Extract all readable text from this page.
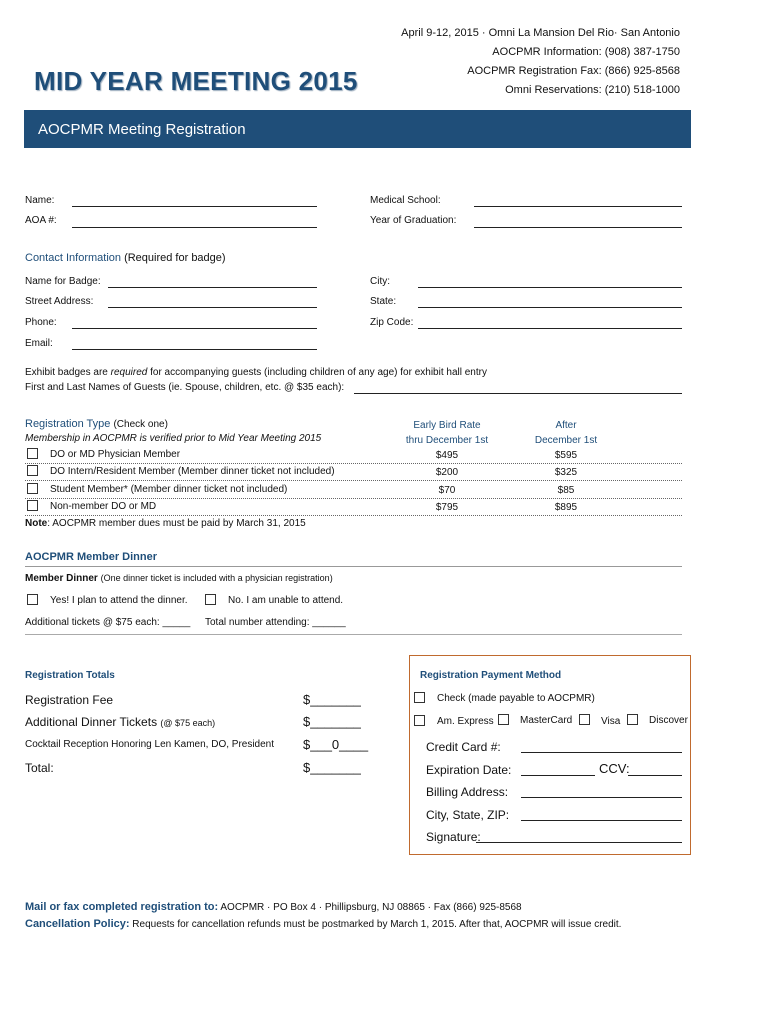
April 9-12, 2015 · Omni La Mansion Del Rio· San Antonio
AOCPMR Information: (908) 387-1750
AOCPMR Registration Fax: (866) 925-8568
Omni Reservations: (210) 518-1000
MID YEAR MEETING 2015
AOCPMR Meeting Registration
Name:
AOA #:
Medical School:
Year of Graduation:
Contact Information (Required for badge)
Name for Badge:
Street Address:
Phone:
Email:
City:
State:
Zip Code:
Exhibit badges are required for accompanying guests (including children of any age) for exhibit hall entry
First and Last Names of Guests (ie. Spouse, children, etc. @ $35 each):
Registration Type (Check one)
Membership in AOCPMR is verified prior to Mid Year Meeting 2015
Early Bird Rate
thru December 1st
After
December 1st
DO or MD Physician Member	$495	$595
DO Intern/Resident Member (Member dinner ticket not included)	$200	$325
Student Member* (Member dinner ticket not included)	$70	$85
Non-member DO or MD	$795	$895
Note: AOCPMR member dues must be paid by March 31, 2015
AOCPMR Member Dinner
Member Dinner (One dinner ticket is included with a physician registration)
Yes! I plan to attend the dinner.	No. I am unable to attend.
Additional tickets @ $75 each: _____ Total number attending: ______
Registration Totals
Registration Fee	$_______
Additional Dinner Tickets (@ $75 each)	$_______
Cocktail Reception Honoring Len Kamen, DO, President $___0____
Total:	$_______
Registration Payment Method
Check (made payable to AOCPMR)
Am. Express	MasterCard	Visa	Discover
Credit Card #:
Expiration Date:	CCV:
Billing Address:
City, State, ZIP:
Signature:
Mail or fax completed registration to: AOCPMR · PO Box 4 · Phillipsburg, NJ 08865 · Fax (866) 925-8568
Cancellation Policy: Requests for cancellation refunds must be postmarked by March 1, 2015. After that, AOCPMR will issue credit.
